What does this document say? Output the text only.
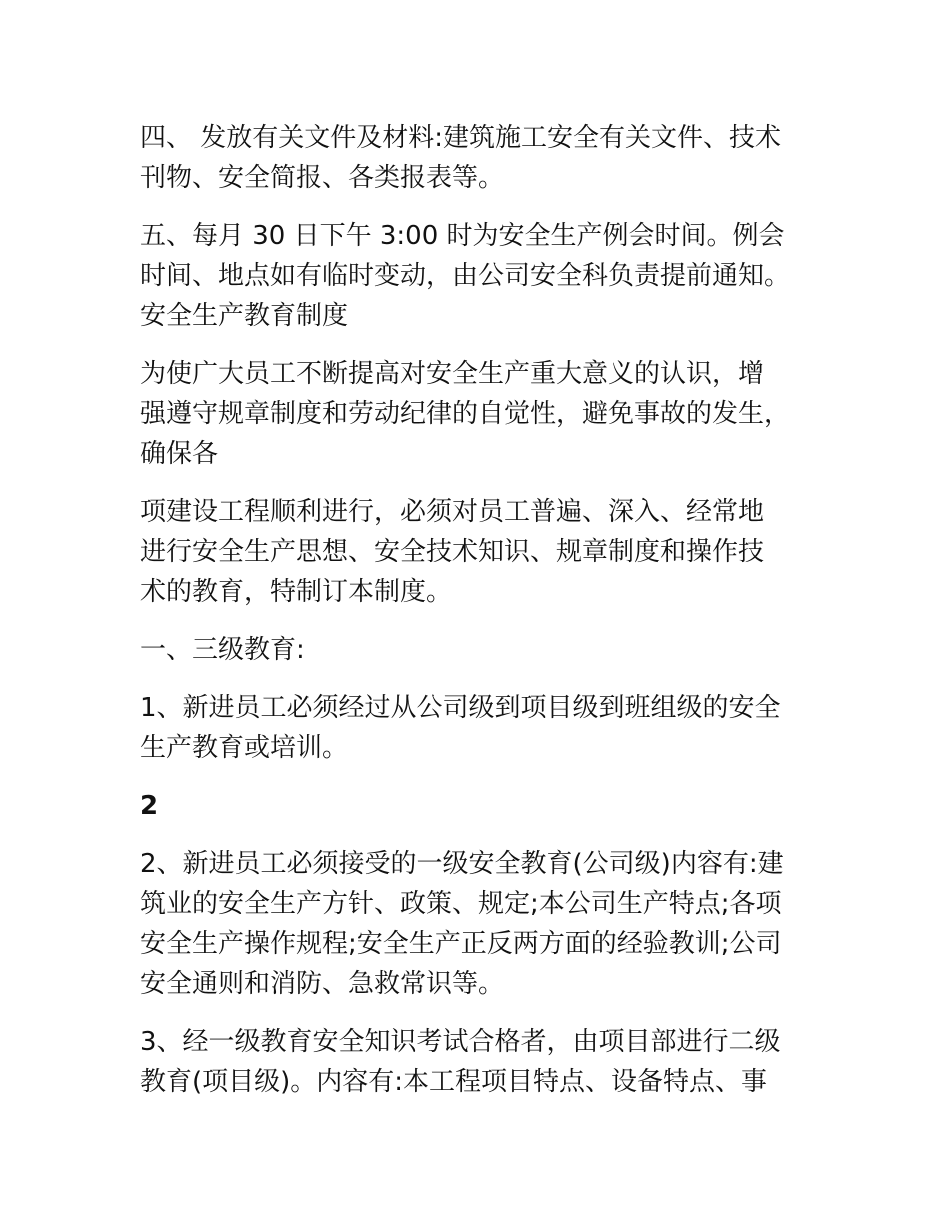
四、 发放有关文件及材料:建筑施工安全有关文件、技术
刊物、安全简报、各类报表等。

五、每月 30 日下午 3:00 时为安全生产例会时间。例会
时间、地点如有临时变动，由公司安全科负责提前通知。
安全生产教育制度

为使广大员工不断提高对安全生产重大意义的认识，增
强遵守规章制度和劳动纪律的自觉性，避免事故的发生，
确保各

项建设工程顺利进行，必须对员工普遍、深入、经常地
进行安全生产思想、安全技术知识、规章制度和操作技
术的教育，特制订本制度。

一、三级教育:

1、新进员工必须经过从公司级到项目级到班组级的安全
生产教育或培训。

2

2、新进员工必须接受的一级安全教育(公司级)内容有:建
筑业的安全生产方针、政策、规定;本公司生产特点;各项
安全生产操作规程;安全生产正反两方面的经验教训;公司
安全通则和消防、急救常识等。

3、经一级教育安全知识考试合格者，由项目部进行二级
教育(项目级)。内容有:本工程项目特点、设备特点、事
